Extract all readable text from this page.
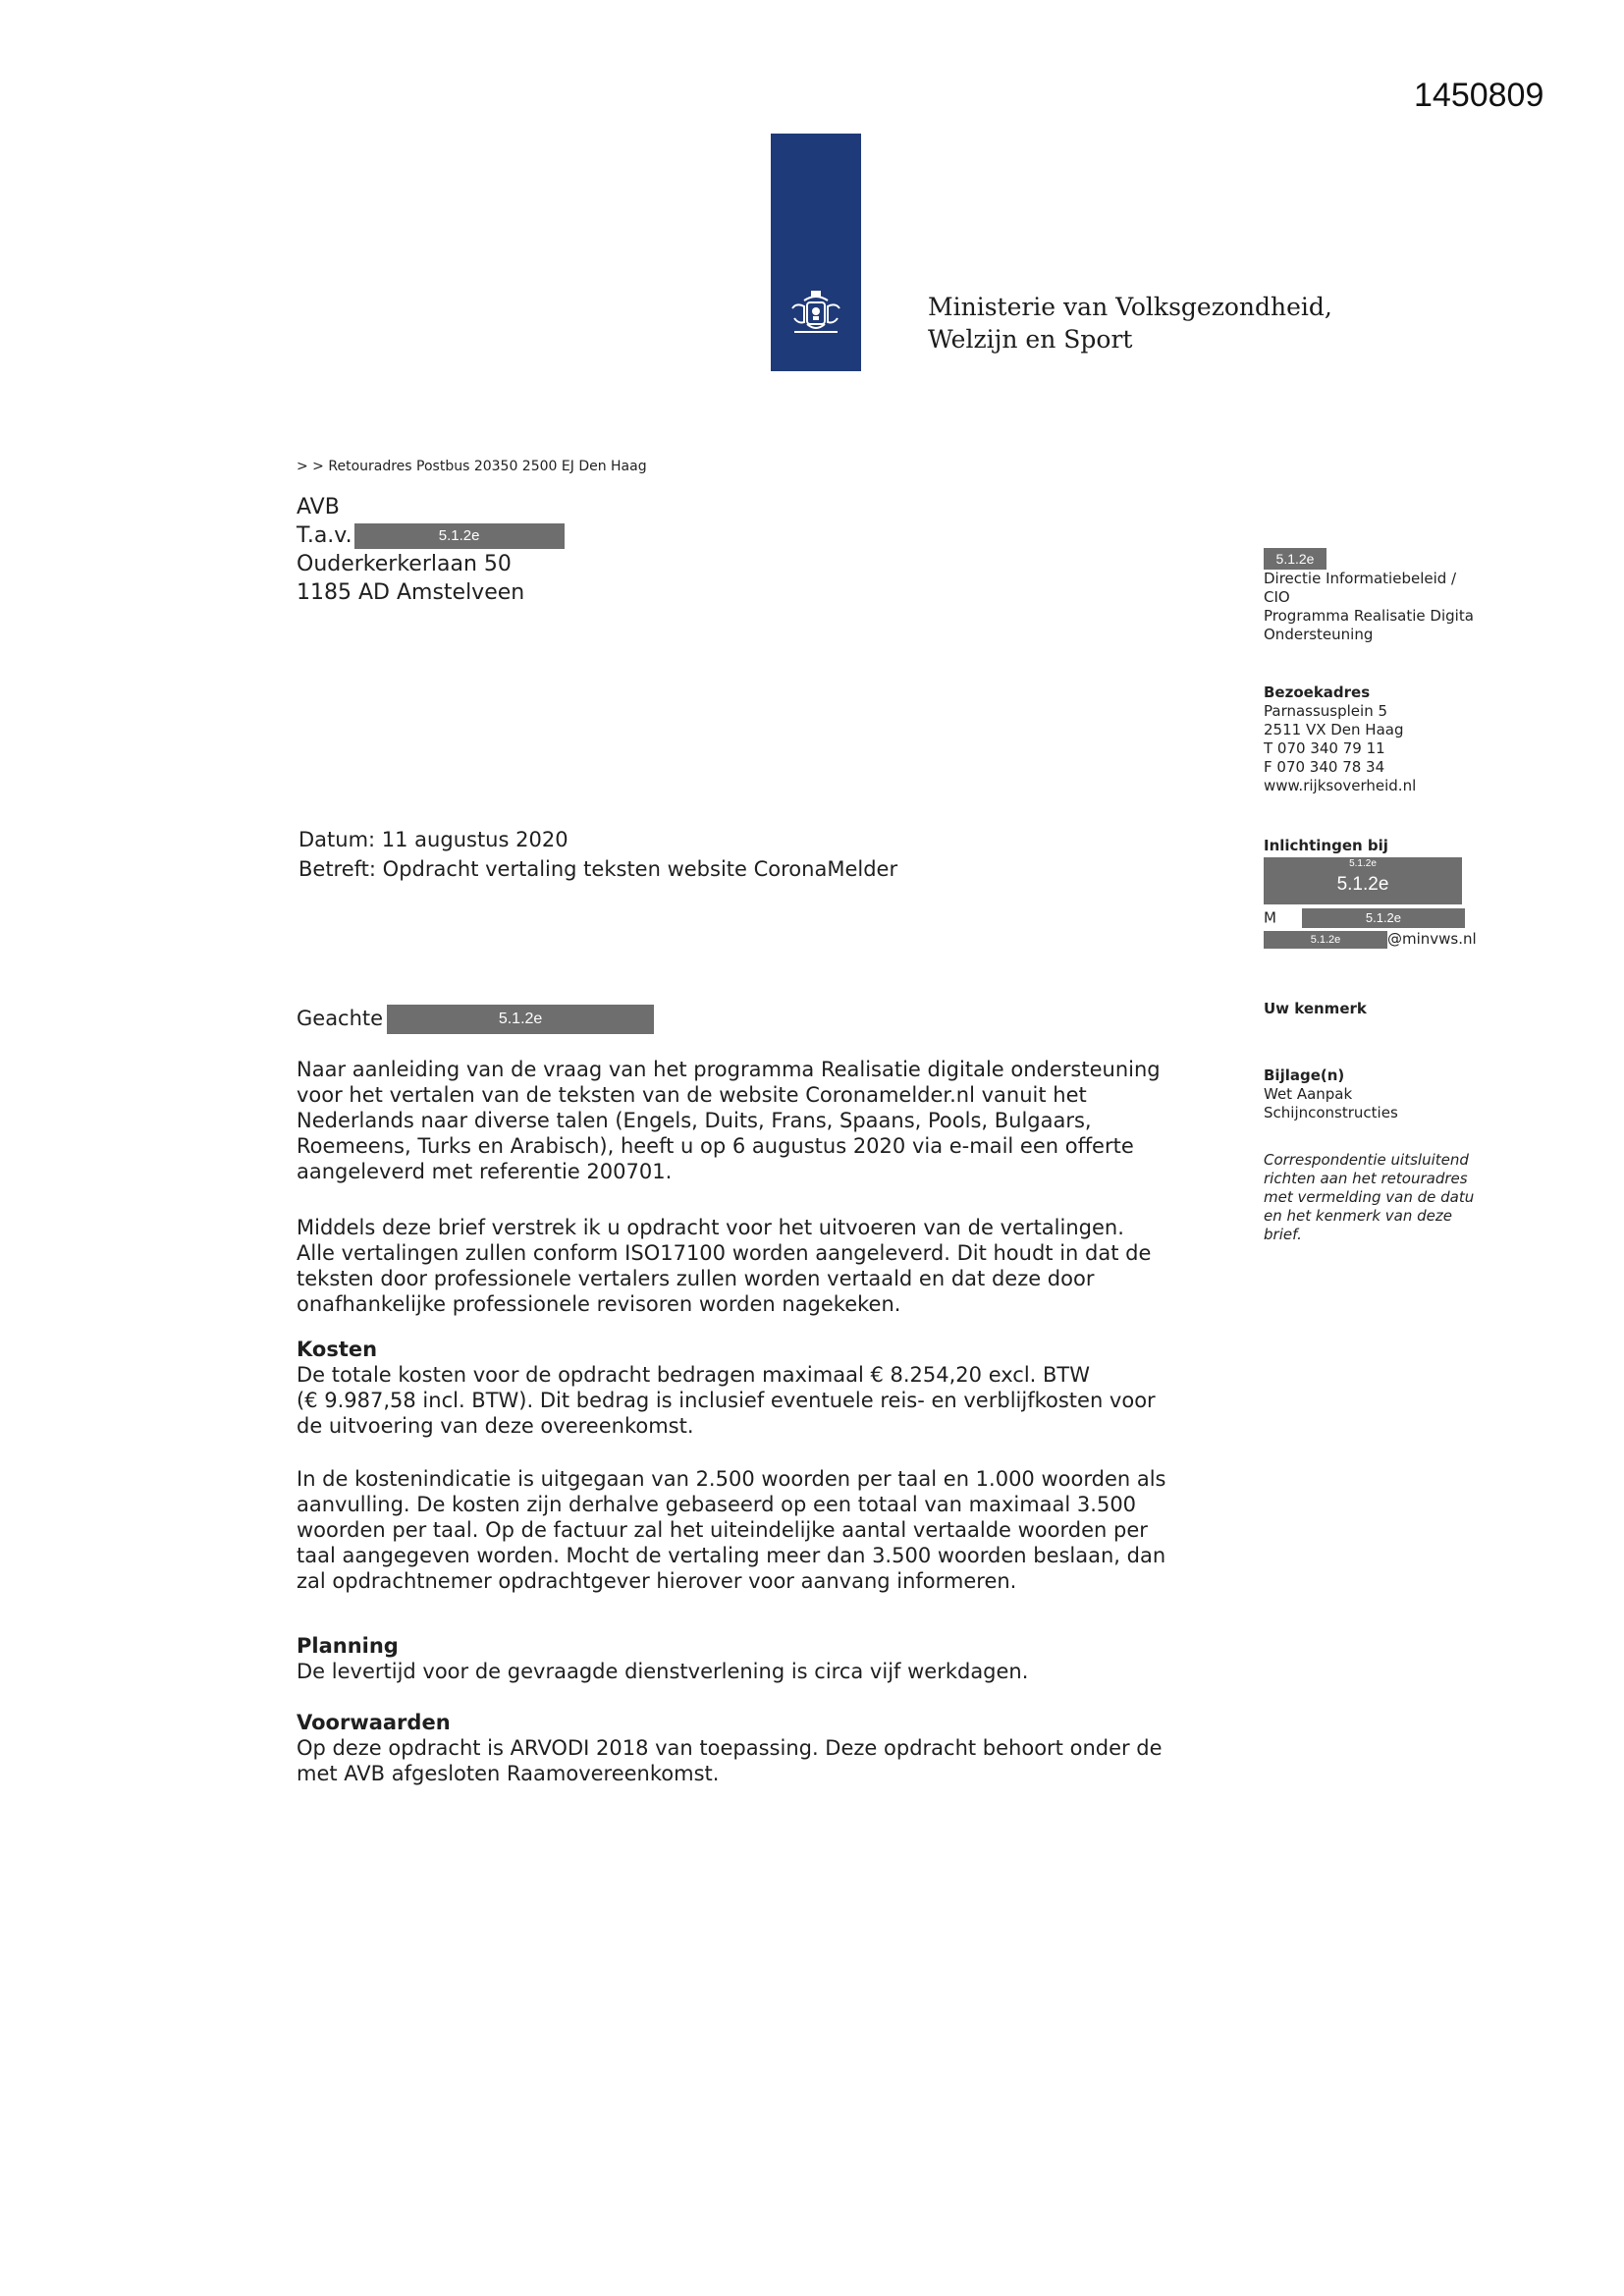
1450809
Ministerie van Volksgezondheid,
Welzijn en Sport
> > Retouradres Postbus 20350 2500 EJ Den Haag
AVB
T.a.v.	5.1.2e
Ouderkerkerlaan 50
1185 AD Amstelveen
5.1.2e
Directie Informatiebeleid /
CIO
Programma Realisatie Digita
Ondersteuning
Bezoekadres
Parnassusplein 5
2511 VX Den Haag
T 070 340 79 11
F 070 340 78 34
www.rijksoverheid.nl
Inlichtingen bij
5.1.2e
5.1.2e
M	5.1.2e
5.1.2e	@minvws.nl
Uw kenmerk
Bijlage(n)
Wet Aanpak
Schijnconstructies
Correspondentie uitsluitend
richten aan het retouradres
met vermelding van de datu
en het kenmerk van deze
brief.
Datum: 11 augustus 2020
Betreft: Opdracht vertaling teksten website CoronaMelder
Geachte	5.1.2e

Naar aanleiding van de vraag van het programma Realisatie digitale ondersteuning

voor het vertalen van de teksten van de website Coronamelder.nl vanuit het

Nederlands naar diverse talen (Engels, Duits, Frans, Spaans, Pools, Bulgaars,

Roemeens, Turks en Arabisch), heeft u op 6 augustus 2020 via e-mail een offerte

aangeleverd met referentie 200701.

Middels deze brief verstrek ik u opdracht voor het uitvoeren van de vertalingen.

Alle vertalingen zullen conform ISO17100 worden aangeleverd. Dit houdt in dat de

teksten door professionele vertalers zullen worden vertaald en dat deze door

onafhankelijke professionele revisoren worden nagekeken.

Kosten

De totale kosten voor de opdracht bedragen maximaal € 8.254,20 excl. BTW

(€ 9.987,58 incl. BTW). Dit bedrag is inclusief eventuele reis- en verblijfkosten voor

de uitvoering van deze overeenkomst.

In de kostenindicatie is uitgegaan van 2.500 woorden per taal en 1.000 woorden als

aanvulling. De kosten zijn derhalve gebaseerd op een totaal van maximaal 3.500

woorden per taal. Op de factuur zal het uiteindelijke aantal vertaalde woorden per

taal aangegeven worden. Mocht de vertaling meer dan 3.500 woorden beslaan, dan

zal opdrachtnemer opdrachtgever hierover voor aanvang informeren.

Planning

De levertijd voor de gevraagde dienstverlening is circa vijf werkdagen.

Voorwaarden

Op deze opdracht is ARVODI 2018 van toepassing. Deze opdracht behoort onder de

met AVB afgesloten Raamovereenkomst.
